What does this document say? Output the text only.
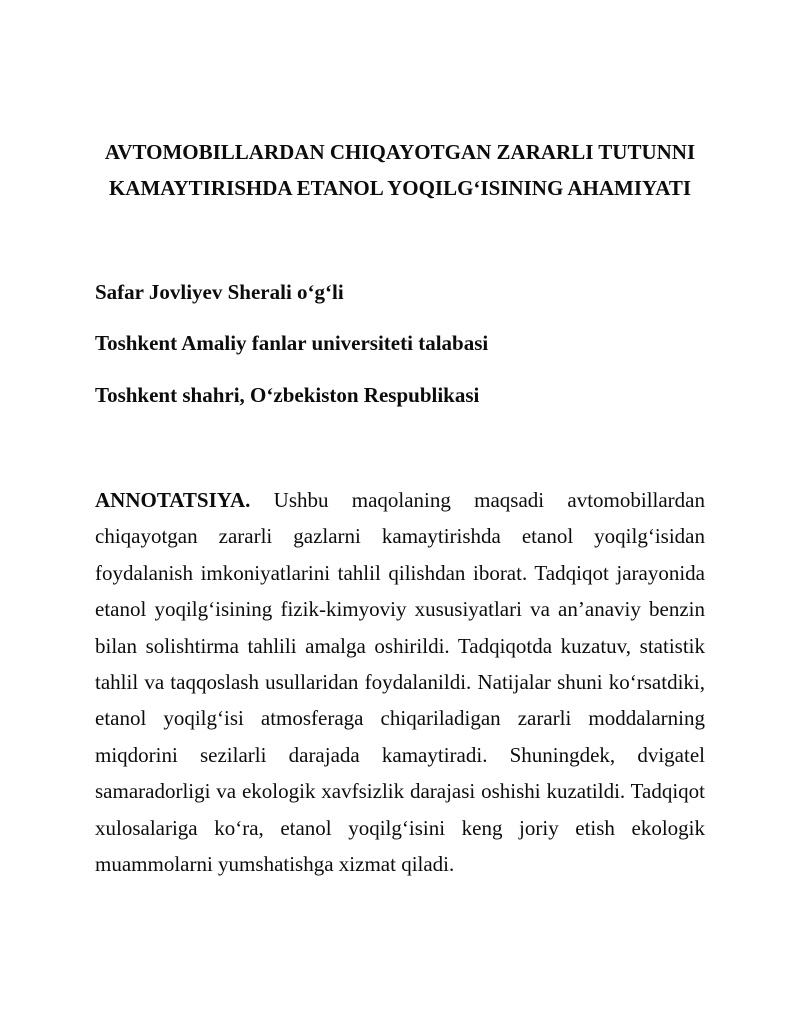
AVTOMOBILLARDAN CHIQAYOTGAN ZARARLI TUTUNNI
KAMAYTIRISHDA ETANOL YOQILG‘ISINING AHAMIYATI

Safar Jovliyev Sherali o‘g‘li

Toshkent Amaliy fanlar universiteti talabasi

Toshkent shahri, O‘zbekiston Respublikasi

ANNOTATSIYA. Ushbu maqolaning maqsadi avtomobillardan chiqayotgan zararli gazlarni kamaytirishda etanol yoqilg‘isidan foydalanish imkoniyatlarini tahlil qilishdan iborat. Tadqiqot jarayonida etanol yoqilg‘isining fizik-kimyoviy xususiyatlari va an’anaviy benzin bilan solishtirma tahlili amalga oshirildi. Tadqiqotda kuzatuv, statistik tahlil va taqqoslash usullaridan foydalanildi. Natijalar shuni ko‘rsatdiki, etanol yoqilg‘isi atmosferaga chiqariladigan zararli moddalarning miqdorini sezilarli darajada kamaytiradi. Shuningdek, dvigatel samaradorligi va ekologik xavfsizlik darajasi oshishi kuzatildi. Tadqiqot xulosalariga ko‘ra, etanol yoqilg‘isini keng joriy etish ekologik muammolarni yumshatishga xizmat qiladi.
